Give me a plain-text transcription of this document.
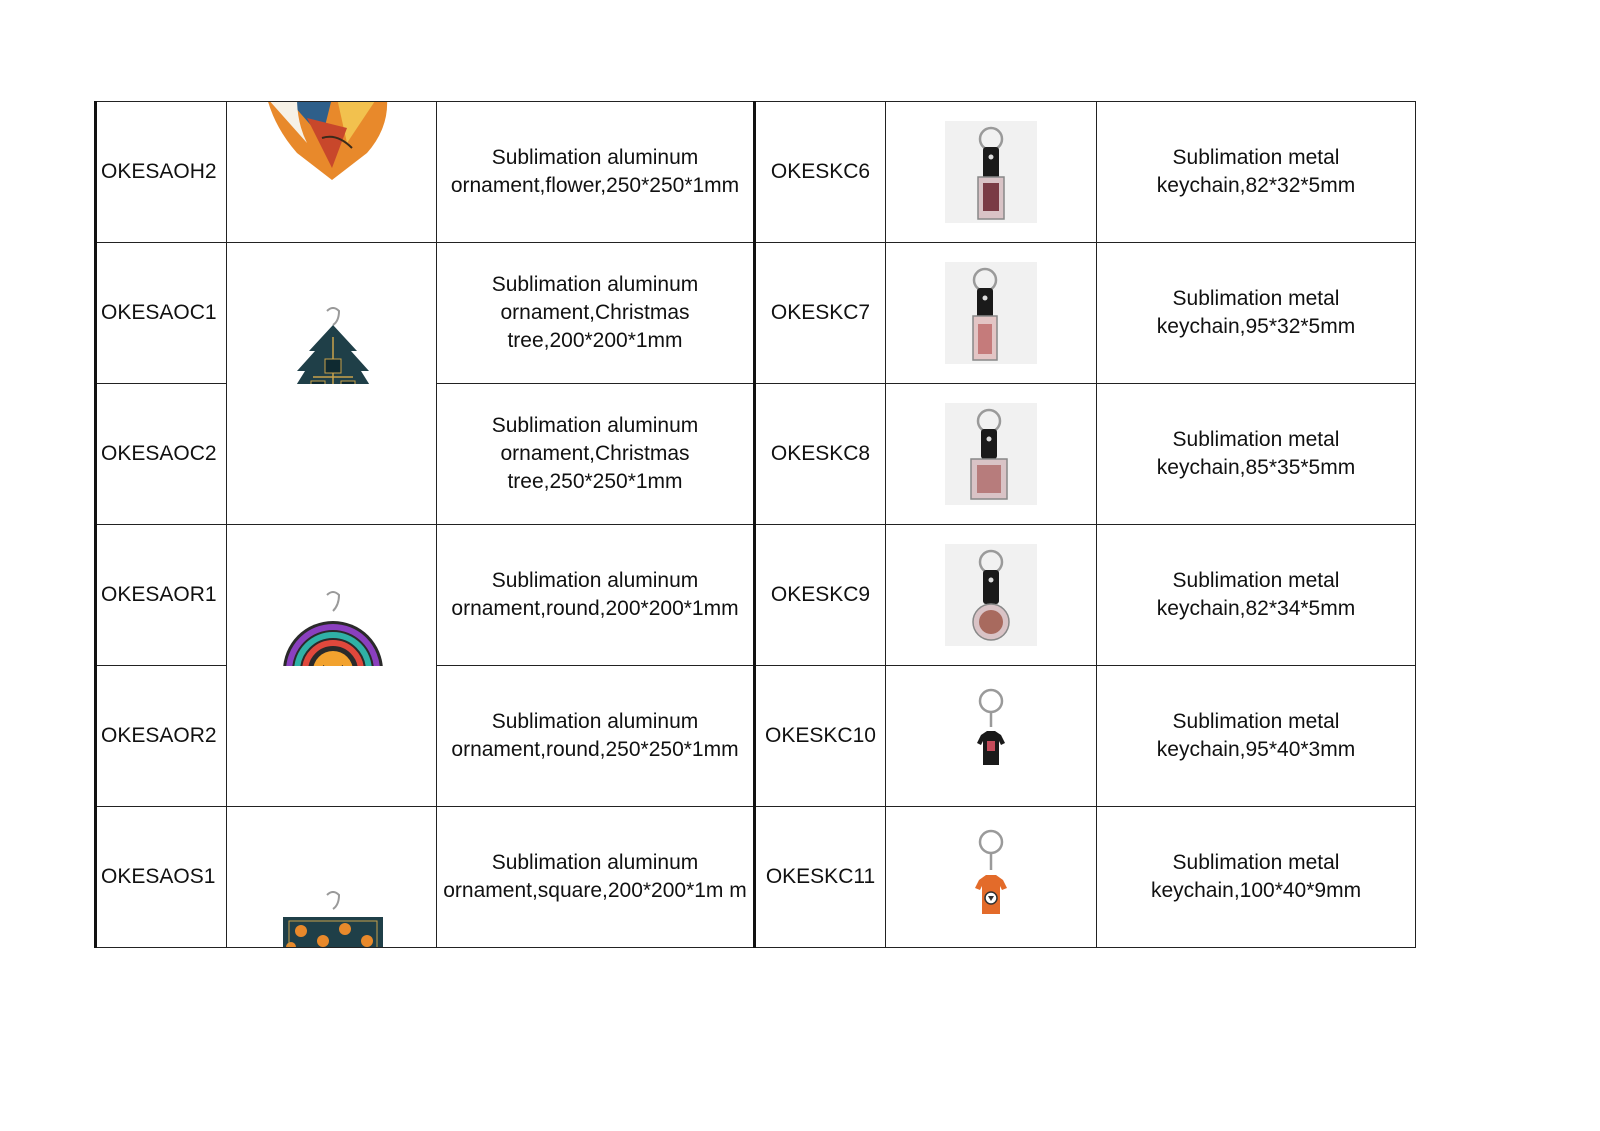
OKESAOH2		Sublimation aluminum ornament,flower,250*250*1mm	OKESKC6		Sublimation metal keychain,82*32*5mm

OKESAOC1		Sublimation aluminum ornament,Christmas tree,200*200*1mm	OKESKC7		Sublimation metal keychain,95*32*5mm

OKESAOC2		Sublimation aluminum ornament,Christmas tree,250*250*1mm	OKESKC8		Sublimation metal keychain,85*35*5mm

OKESAOR1		Sublimation aluminum ornament,round,200*200*1mm	OKESKC9		Sublimation metal keychain,82*34*5mm

OKESAOR2		Sublimation aluminum ornament,round,250*250*1mm	OKESKC10		Sublimation metal keychain,95*40*3mm

OKESAOS1		Sublimation aluminum ornament,square,200*200*1m m	OKESKC11		Sublimation metal keychain,100*40*9mm
